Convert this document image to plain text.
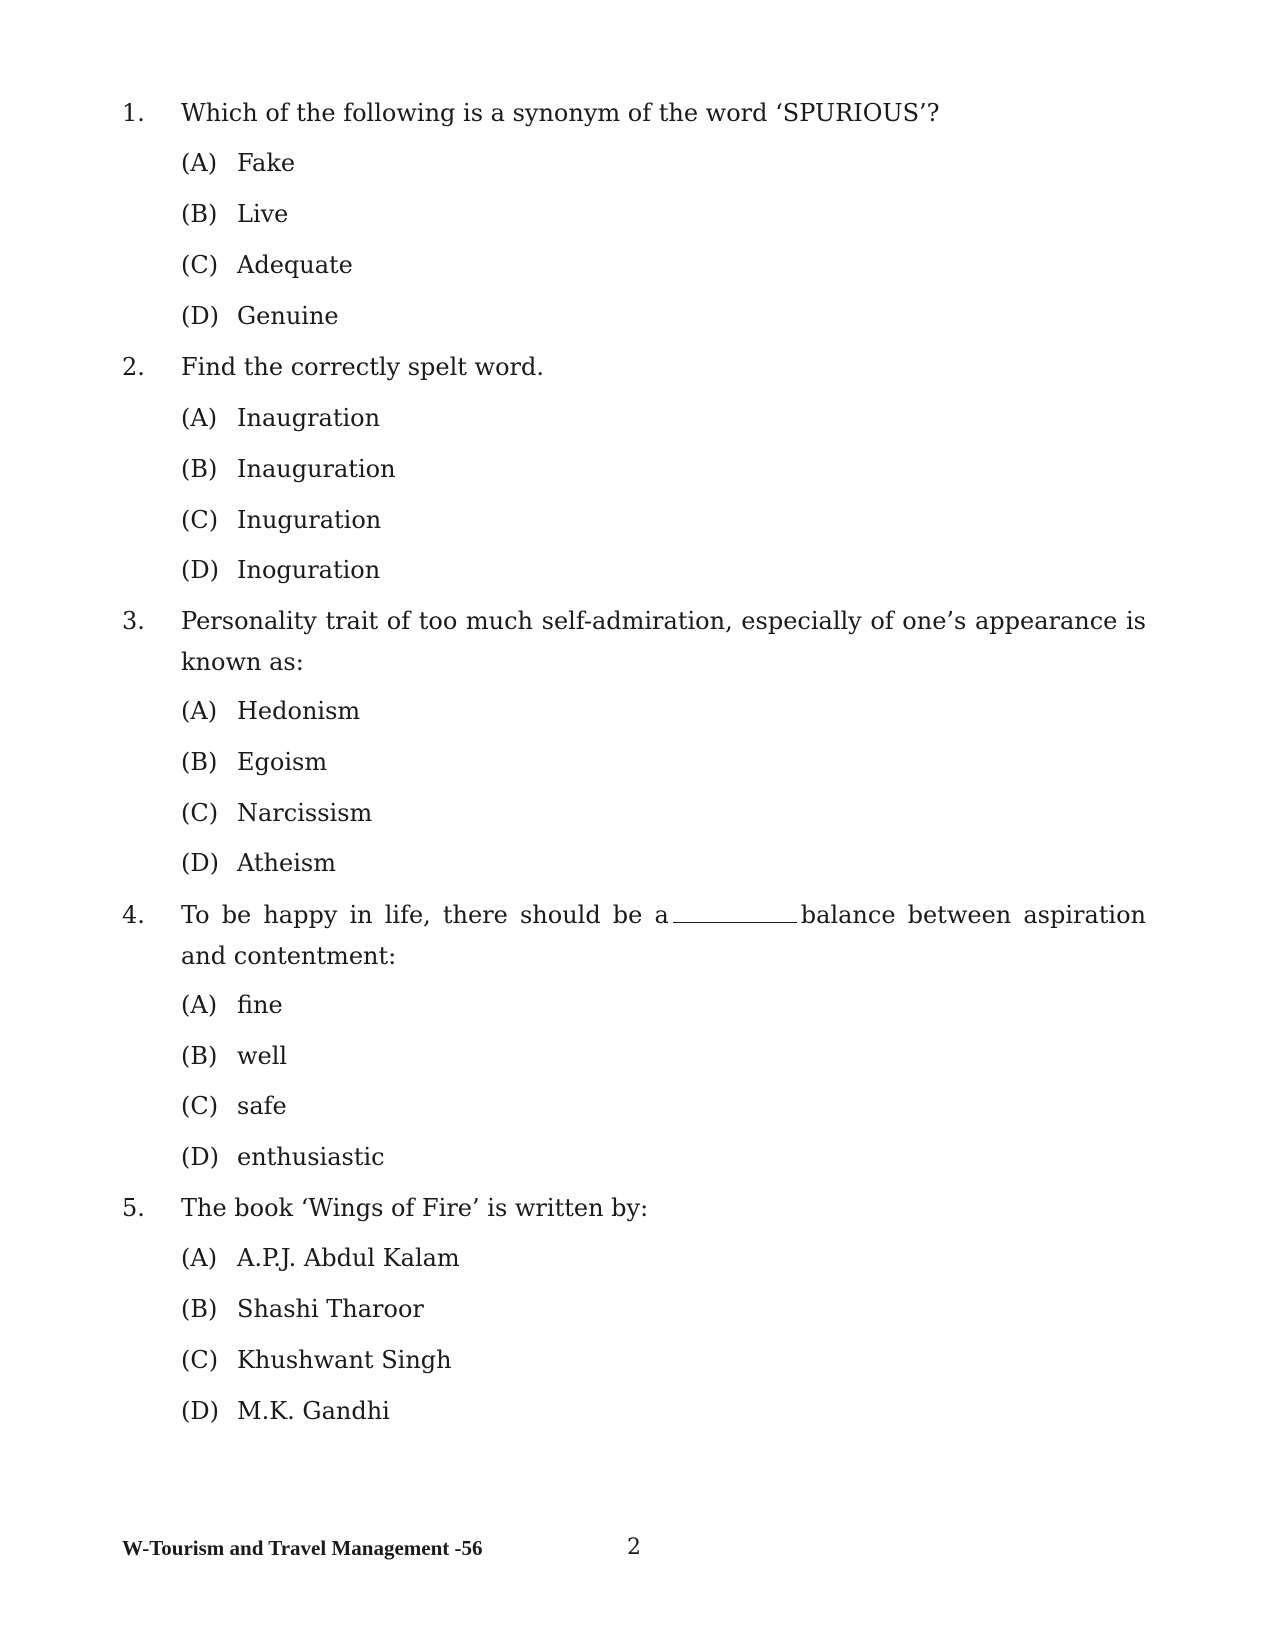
1. Which of the following is a synonym of the word ‘SPURIOUS’?
(A) Fake
(B) Live
(C) Adequate
(D) Genuine
2. Find the correctly spelt word.
(A) Inaugration
(B) Inauguration
(C) Inuguration
(D) Inoguration
3. Personality trait of too much self-admiration, especially of one’s appearance is known as:
(A) Hedonism
(B) Egoism
(C) Narcissism
(D) Atheism
4. To be happy in life, there should be a	balance between aspiration and contentment:
(A) fine
(B) well
(C) safe
(D) enthusiastic
5. The book ‘Wings of Fire’ is written by:
(A) A.P.J. Abdul Kalam
(B) Shashi Tharoor
(C) Khushwant Singh
(D) M.K. Gandhi
W-Tourism and Travel Management -56	2
